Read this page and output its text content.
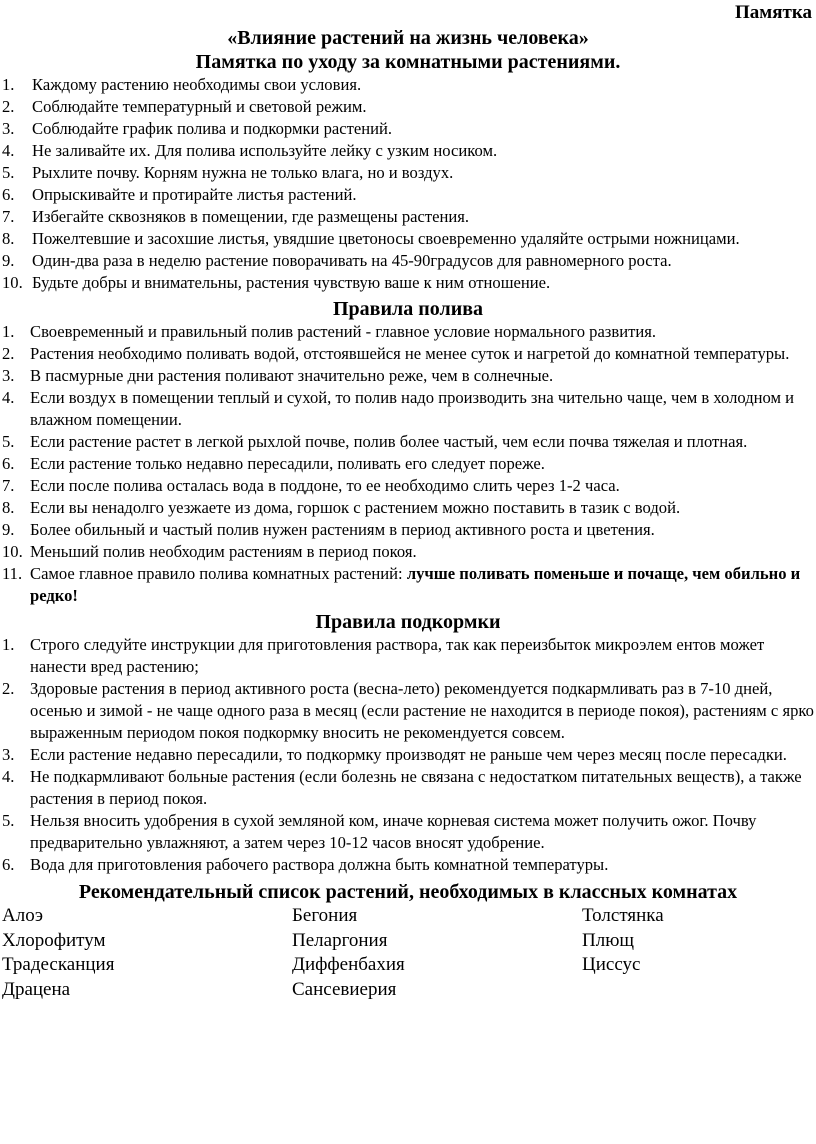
Памятка
«Влияние растений на жизнь человека»
Памятка по уходу за комнатными растениями.
1. Каждому растению необходимы свои условия.
2. Соблюдайте температурный и световой режим.
3. Соблюдайте график полива и подкормки растений.
4. Не заливайте их. Для полива используйте лейку с узким носиком.
5. Рыхлите почву. Корням нужна не только влага, но и воздух.
6. Опрыскивайте и протирайте листья растений.
7. Избегайте сквозняков в помещении, где размещены растения.
8. Пожелтевшие и засохшие листья, увядшие цветоносы своевременно удаляйте острыми ножницами.
9. Один-два раза в неделю растение поворачивать на 45-90градусов для равномерного роста.
10. Будьте добры и внимательны, растения чувствую ваше к ним отношение.
Правила полива
1. Своевременный и правильный полив растений - главное условие нормального развития.
2. Растения необходимо поливать водой, отстоявшейся не менее суток и нагретой до комнатной температуры.
3. В пасмурные дни растения поливают значительно реже, чем в солнечные.
4. Если воздух в помещении теплый и сухой, то полив надо производить зна чительно чаще, чем в холодном и влажном помещении.
5. Если растение растет в легкой рыхлой почве, полив более частый, чем если почва тяжелая и плотная.
6. Если растение только недавно пересадили, поливать его следует пореже.
7. Если после полива осталась вода в поддоне, то ее необходимо слить через 1-2 часа.
8. Если вы ненадолго уезжаете из дома, горшок с растением можно поставить в тазик с водой.
9. Более обильный и частый полив нужен растениям в период активного роста и цветения.
10. Меньший полив необходим растениям в период покоя.
11. Самое главное правило полива комнатных растений: лучше поливать поменьше и почаще, чем обильно и редко!
Правила подкормки
1. Строго следуйте инструкции для приготовления раствора, так как переизбыток микроэлем ентов может нанести вред растению;
2. Здоровые растения в период активного роста (весна-лето) рекомендуется подкармливать раз в 7-10 дней, осенью и зимой - не чаще одного раза в месяц (если растение не находится в периоде покоя), растениям с ярко выраженным периодом покоя подкормку вносить не рекомендуется совсем.
3. Если растение недавно пересадили, то подкормку производят не раньше чем через месяц после пересадки.
4. Не подкармливают больные растения (если болезнь не связана с недостатком питательных веществ), а также растения в период покоя.
5. Нельзя вносить удобрения в сухой земляной ком, иначе корневая система может получить ожог. Почву предварительно увлажняют, а затем через 10-12 часов вносят удобрение.
6. Вода для приготовления рабочего раствора должна быть комнатной температуры.
Рекомендательный список растений, необходимых в классных комнатах
Алоэ	Бегония	Толстянка
Хлорофитум	Пеларгония	Плющ
Традесканция	Диффенбахия	Циссус
Драцена	Сансевиерия
